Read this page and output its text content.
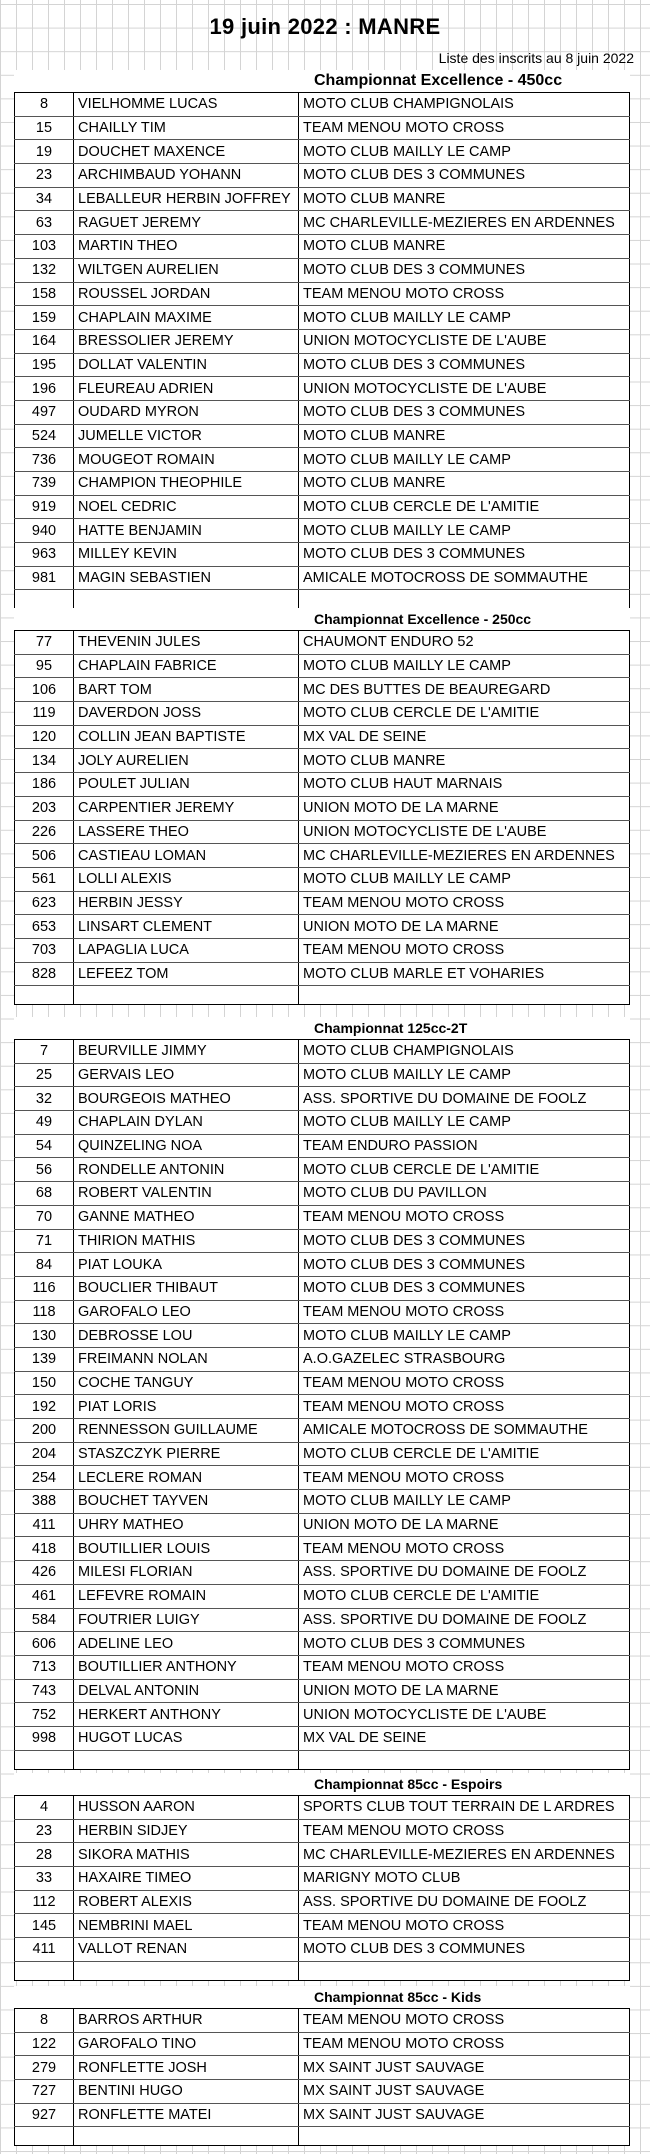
19 juin 2022 : MANRE
Liste des inscrits au 8 juin 2022
Championnat Excellence - 450cc
8	VIELHOMME LUCAS	MOTO CLUB CHAMPIGNOLAIS
15	CHAILLY TIM	TEAM MENOU MOTO CROSS
19	DOUCHET MAXENCE	MOTO CLUB MAILLY LE CAMP
23	ARCHIMBAUD YOHANN	MOTO CLUB DES 3 COMMUNES
34	LEBALLEUR HERBIN JOFFREY	MOTO CLUB MANRE
63	RAGUET JEREMY	MC CHARLEVILLE-MEZIERES EN ARDENNES
103	MARTIN THEO	MOTO CLUB MANRE
132	WILTGEN AURELIEN	MOTO CLUB DES 3 COMMUNES
158	ROUSSEL JORDAN	TEAM MENOU MOTO CROSS
159	CHAPLAIN MAXIME	MOTO CLUB MAILLY LE CAMP
164	BRESSOLIER JEREMY	UNION MOTOCYCLISTE DE L'AUBE
195	DOLLAT VALENTIN	MOTO CLUB DES 3 COMMUNES
196	FLEUREAU ADRIEN	UNION MOTOCYCLISTE DE L'AUBE
497	OUDARD MYRON	MOTO CLUB DES 3 COMMUNES
524	JUMELLE VICTOR	MOTO CLUB MANRE
736	MOUGEOT ROMAIN	MOTO CLUB MAILLY LE CAMP
739	CHAMPION THEOPHILE	MOTO CLUB MANRE
919	NOEL CEDRIC	MOTO CLUB CERCLE DE L'AMITIE
940	HATTE BENJAMIN	MOTO CLUB MAILLY LE CAMP
963	MILLEY KEVIN	MOTO CLUB DES 3 COMMUNES
981	MAGIN SEBASTIEN	AMICALE MOTOCROSS DE SOMMAUTHE

Championnat Excellence - 250cc
77	THEVENIN JULES	CHAUMONT ENDURO 52
95	CHAPLAIN FABRICE	MOTO CLUB MAILLY LE CAMP
106	BART TOM	MC DES BUTTES DE BEAUREGARD
119	DAVERDON JOSS	MOTO CLUB CERCLE DE L'AMITIE
120	COLLIN JEAN BAPTISTE	MX VAL DE SEINE
134	JOLY AURELIEN	MOTO CLUB MANRE
186	POULET JULIAN	MOTO CLUB HAUT MARNAIS
203	CARPENTIER JEREMY	UNION MOTO DE LA MARNE
226	LASSERE THEO	UNION MOTOCYCLISTE DE L'AUBE
506	CASTIEAU LOMAN	MC CHARLEVILLE-MEZIERES EN ARDENNES
561	LOLLI ALEXIS	MOTO CLUB MAILLY LE CAMP
623	HERBIN JESSY	TEAM MENOU MOTO CROSS
653	LINSART CLEMENT	UNION MOTO DE LA MARNE
703	LAPAGLIA LUCA	TEAM MENOU MOTO CROSS
828	LEFEEZ TOM	MOTO CLUB MARLE ET VOHARIES

Championnat 125cc-2T
7	BEURVILLE JIMMY	MOTO CLUB CHAMPIGNOLAIS
25	GERVAIS LEO	MOTO CLUB MAILLY LE CAMP
32	BOURGEOIS MATHEO	ASS. SPORTIVE DU DOMAINE DE FOOLZ
49	CHAPLAIN DYLAN	MOTO CLUB MAILLY LE CAMP
54	QUINZELING NOA	TEAM ENDURO PASSION
56	RONDELLE ANTONIN	MOTO CLUB CERCLE DE L'AMITIE
68	ROBERT VALENTIN	MOTO CLUB DU PAVILLON
70	GANNE MATHEO	TEAM MENOU MOTO CROSS
71	THIRION MATHIS	MOTO CLUB DES 3 COMMUNES
84	PIAT LOUKA	MOTO CLUB DES 3 COMMUNES
116	BOUCLIER THIBAUT	MOTO CLUB DES 3 COMMUNES
118	GAROFALO LEO	TEAM MENOU MOTO CROSS
130	DEBROSSE LOU	MOTO CLUB MAILLY LE CAMP
139	FREIMANN NOLAN	A.O.GAZELEC STRASBOURG
150	COCHE TANGUY	TEAM MENOU MOTO CROSS
192	PIAT LORIS	TEAM MENOU MOTO CROSS
200	RENNESSON GUILLAUME	AMICALE MOTOCROSS DE SOMMAUTHE
204	STASZCZYK PIERRE	MOTO CLUB CERCLE DE L'AMITIE
254	LECLERE ROMAN	TEAM MENOU MOTO CROSS
388	BOUCHET TAYVEN	MOTO CLUB MAILLY LE CAMP
411	UHRY MATHEO	UNION MOTO DE LA MARNE
418	BOUTILLIER LOUIS	TEAM MENOU MOTO CROSS
426	MILESI FLORIAN	ASS. SPORTIVE DU DOMAINE DE FOOLZ
461	LEFEVRE ROMAIN	MOTO CLUB CERCLE DE L'AMITIE
584	FOUTRIER LUIGY	ASS. SPORTIVE DU DOMAINE DE FOOLZ
606	ADELINE LEO	MOTO CLUB DES 3 COMMUNES
713	BOUTILLIER ANTHONY	TEAM MENOU MOTO CROSS
743	DELVAL ANTONIN	UNION MOTO DE LA MARNE
752	HERKERT ANTHONY	UNION MOTOCYCLISTE DE L'AUBE
998	HUGOT LUCAS	MX VAL DE SEINE

Championnat 85cc - Espoirs
4	HUSSON AARON	SPORTS CLUB TOUT TERRAIN DE L ARDRES
23	HERBIN SIDJEY	TEAM MENOU MOTO CROSS
28	SIKORA MATHIS	MC CHARLEVILLE-MEZIERES EN ARDENNES
33	HAXAIRE TIMEO	MARIGNY MOTO CLUB
112	ROBERT ALEXIS	ASS. SPORTIVE DU DOMAINE DE FOOLZ
145	NEMBRINI MAEL	TEAM MENOU MOTO CROSS
411	VALLOT RENAN	MOTO CLUB DES 3 COMMUNES

Championnat 85cc - Kids
8	BARROS ARTHUR	TEAM MENOU MOTO CROSS
122	GAROFALO TINO	TEAM MENOU MOTO CROSS
279	RONFLETTE JOSH	MX SAINT JUST SAUVAGE
727	BENTINI HUGO	MX SAINT JUST SAUVAGE
927	RONFLETTE MATEI	MX SAINT JUST SAUVAGE
